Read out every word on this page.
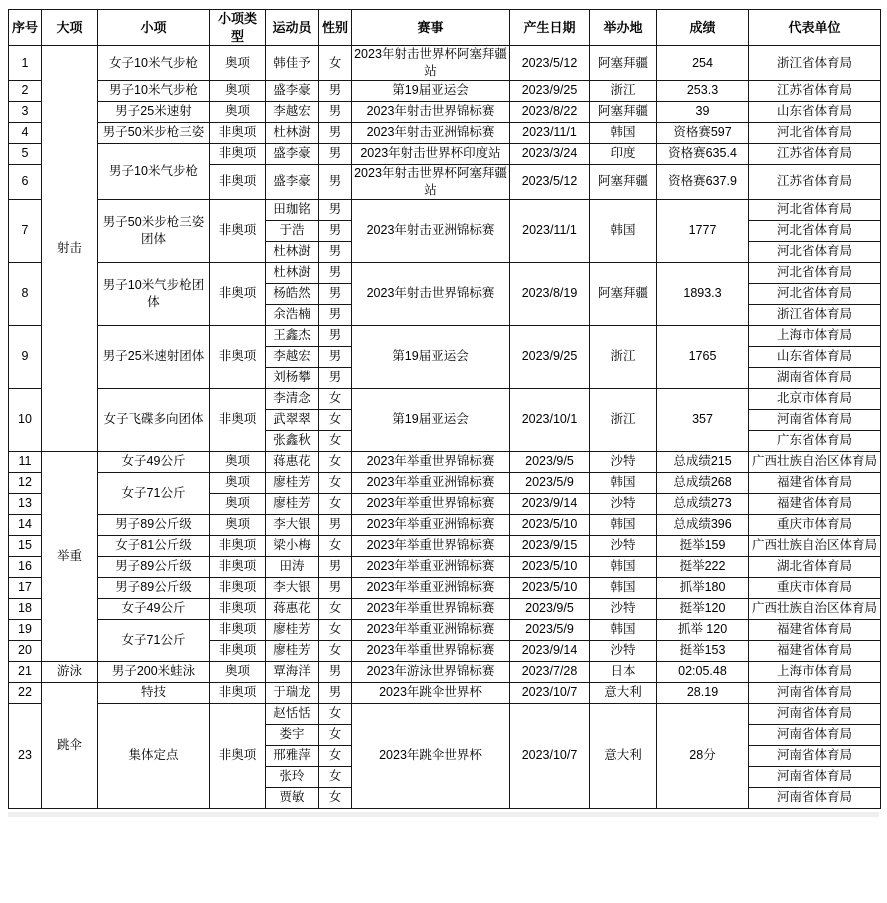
序号	大项	小项	小项类型	运动员	性别	赛事	产生日期	举办地	成绩	代表单位
1	射击	女子10米气步枪	奥项	韩佳予	女	2023年射击世界杯阿塞拜疆站	2023/5/12	阿塞拜疆	254	浙江省体育局
2		男子10米气步枪	奥项	盛李豪	男	第19届亚运会	2023/9/25	浙江	253.3	江苏省体育局
3		男子25米速射	奥项	李越宏	男	2023年射击世界锦标赛	2023/8/22	阿塞拜疆	39	山东省体育局
4		男子50米步枪三姿	非奥项	杜林澍	男	2023年射击亚洲锦标赛	2023/11/1	韩国	资格赛597	河北省体育局
5		男子10米气步枪	非奥项	盛李豪	男	2023年射击世界杯印度站	2023/3/24	印度	资格赛635.4	江苏省体育局
6			非奥项	盛李豪	男	2023年射击世界杯阿塞拜疆站	2023/5/12	阿塞拜疆	资格赛637.9	江苏省体育局
7		男子50米步枪三姿团体	非奥项	田珈铭	男	2023年射击亚洲锦标赛	2023/11/1	韩国	1777	河北省体育局
				于浩	男					河北省体育局
				杜林澍	男					河北省体育局
8		男子10米气步枪团体	非奥项	杜林澍	男	2023年射击世界锦标赛	2023/8/19	阿塞拜疆	1893.3	河北省体育局
				杨皓然	男					河北省体育局
				余浩楠	男					浙江省体育局
9		男子25米速射团体	非奥项	王鑫杰	男	第19届亚运会	2023/9/25	浙江	1765	上海市体育局
				李越宏	男					山东省体育局
				刘杨攀	男					湖南省体育局
10		女子飞碟多向团体	非奥项	李清念	女	第19届亚运会	2023/10/1	浙江	357	北京市体育局
				武翠翠	女					河南省体育局
				张鑫秋	女					广东省体育局
11	举重	女子49公斤	奥项	蒋惠花	女	2023年举重世界锦标赛	2023/9/5	沙特	总成绩215	广西壮族自治区体育局
12		女子71公斤	奥项	廖桂芳	女	2023年举重亚洲锦标赛	2023/5/9	韩国	总成绩268	福建省体育局
13			奥项	廖桂芳	女	2023年举重世界锦标赛	2023/9/14	沙特	总成绩273	福建省体育局
14		男子89公斤级	奥项	李大银	男	2023年举重亚洲锦标赛	2023/5/10	韩国	总成绩396	重庆市体育局
15		女子81公斤级	非奥项	梁小梅	女	2023年举重世界锦标赛	2023/9/15	沙特	挺举159	广西壮族自治区体育局
16		男子89公斤级	非奥项	田涛	男	2023年举重亚洲锦标赛	2023/5/10	韩国	挺举222	湖北省体育局
17		男子89公斤级	非奥项	李大银	男	2023年举重亚洲锦标赛	2023/5/10	韩国	抓举180	重庆市体育局
18		女子49公斤	非奥项	蒋惠花	女	2023年举重世界锦标赛	2023/9/5	沙特	挺举120	广西壮族自治区体育局
19		女子71公斤	非奥项	廖桂芳	女	2023年举重亚洲锦标赛	2023/5/9	韩国	抓举 120	福建省体育局
20			非奥项	廖桂芳	女	2023年举重世界锦标赛	2023/9/14	沙特	挺举153	福建省体育局
21	游泳	男子200米蛙泳	奥项	覃海洋	男	2023年游泳世界锦标赛	2023/7/28	日本	02:05.48	上海市体育局
22	跳伞	特技	非奥项	于瑞龙	男	2023年跳伞世界杯	2023/10/7	意大利	28.19	河南省体育局
23		集体定点	非奥项	赵恬恬	女	2023年跳伞世界杯	2023/10/7	意大利	28分	河南省体育局
				娄宇	女					河南省体育局
				邢雅萍	女					河南省体育局
				张玲	女					河南省体育局
				贾敏	女					河南省体育局
